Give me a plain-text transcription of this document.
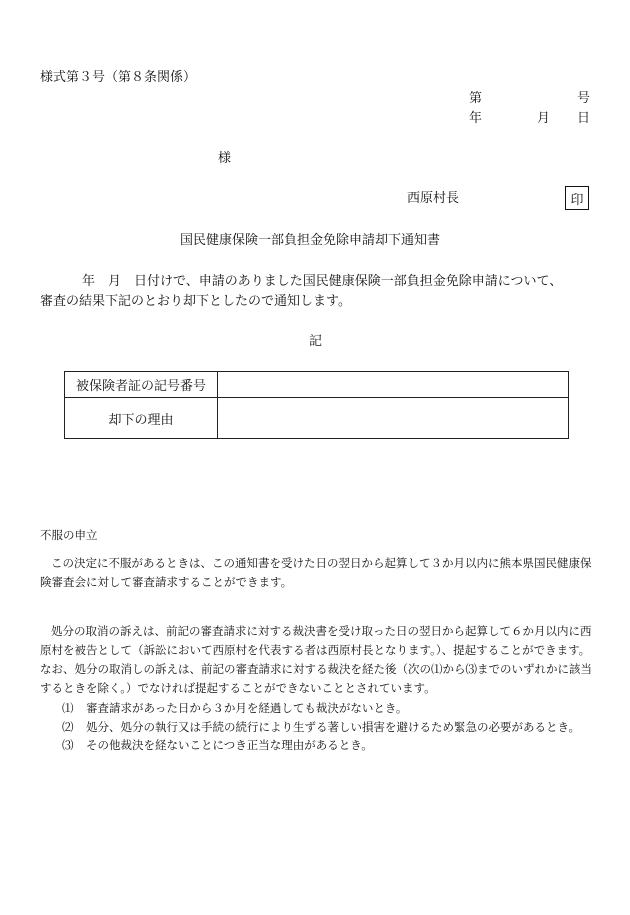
様式第３号（第８条関係）
第	号
年	月 日
様
西原村長	印
国民健康保険一部負担金免除申請却下通知書
年　月　日付けで、申請のありました国民健康保険一部負担金免除申請について、
審査の結果下記のとおり却下としたので通知します。
記
被保険者証の記号番号	
却下の理由	
不服の申立
この決定に不服があるときは、この通知書を受けた日の翌日から起算して３か月以内に熊本県国民健康保険審査会に対して審査請求することができます。
処分の取消の訴えは、前記の審査請求に対する裁決書を受け取った日の翌日から起算して６か月以内に西原村を被告として（訴訟において西原村を代表する者は西原村長となります。）、提起することができます。なお、処分の取消しの訴えは、前記の審査請求に対する裁決を経た後（次の⑴から⑶までのいずれかに該当するときを除く。）でなければ提起することができないこととされています。
⑴ 審査請求があった日から３か月を経過しても裁決がないとき。
⑵ 処分、処分の執行又は手続の続行により生ずる著しい損害を避けるため緊急の必要があるとき。
⑶ その他裁決を経ないことにつき正当な理由があるとき。
